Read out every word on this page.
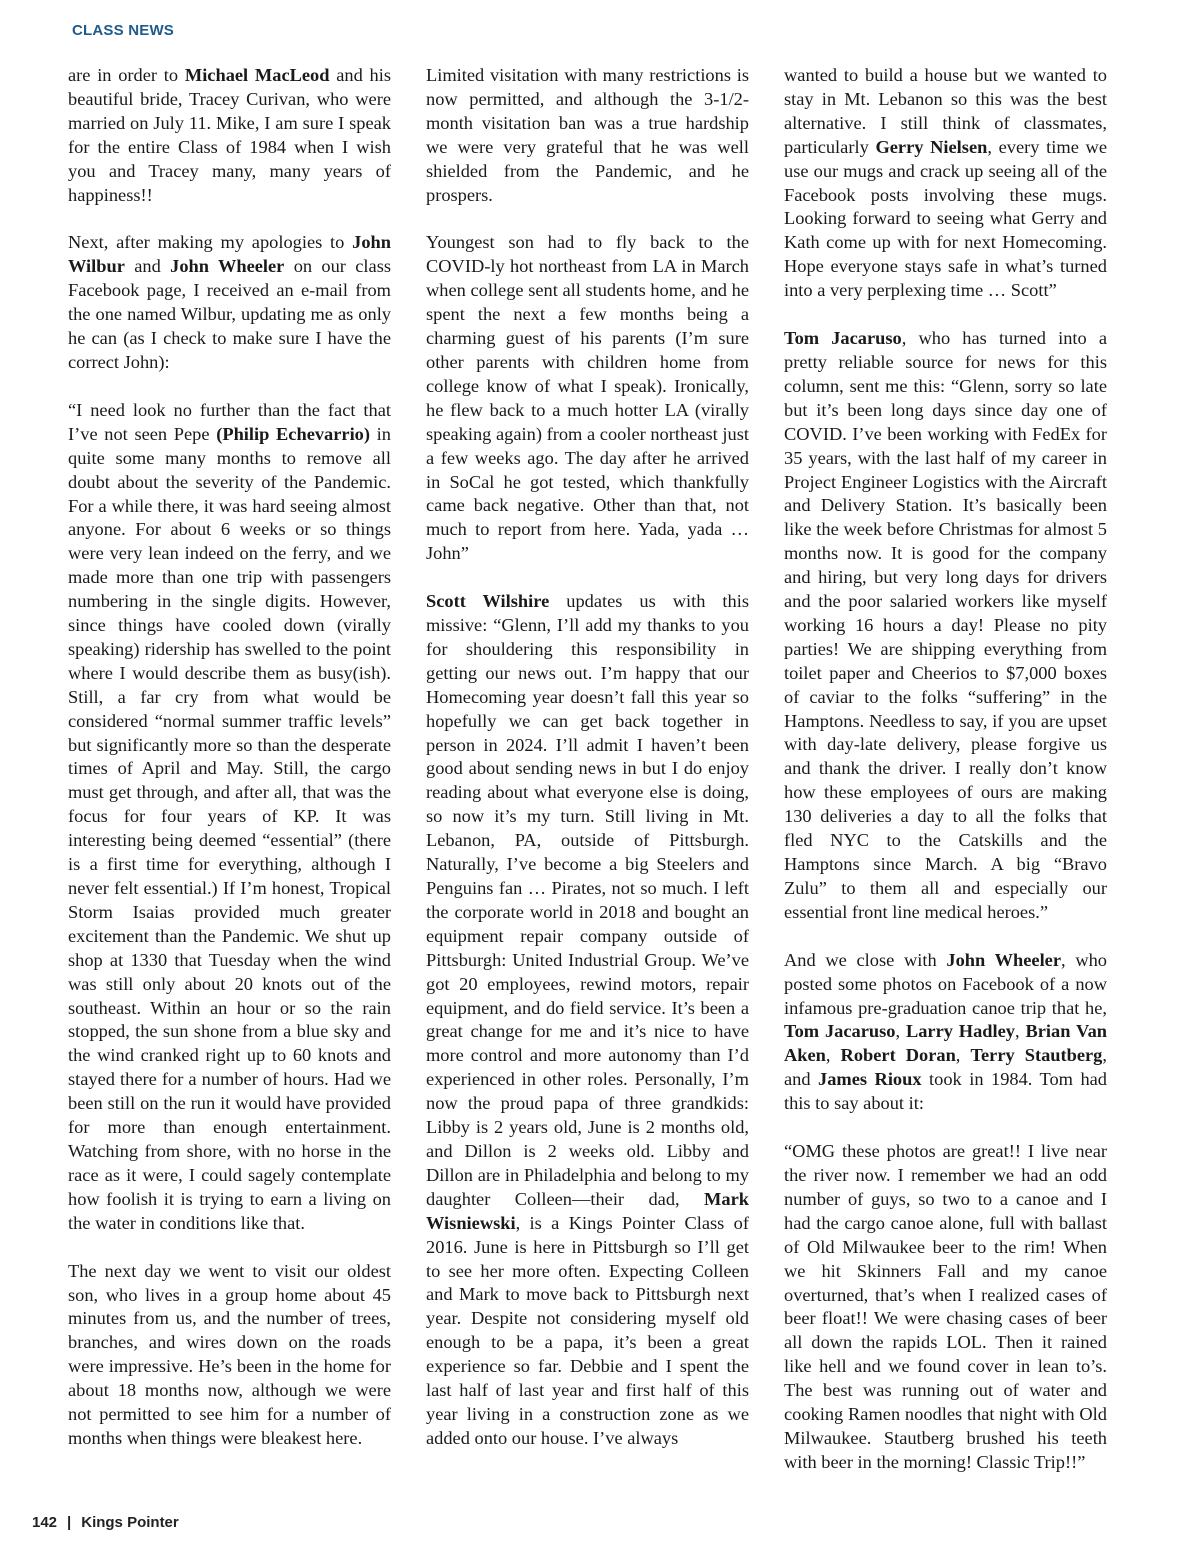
CLASS NEWS

are in order to Michael MacLeod and his beautiful bride, Tracey Curivan, who were married on July 11. Mike, I am sure I speak for the entire Class of 1984 when I wish you and Tracey many, many years of happiness!!

Next, after making my apologies to John Wilbur and John Wheeler on our class Facebook page, I received an e-mail from the one named Wilbur, updating me as only he can (as I check to make sure I have the correct John):

“I need look no further than the fact that I’ve not seen Pepe (Philip Echevarrio) in quite some many months to remove all doubt about the severity of the Pandemic. For a while there, it was hard seeing almost anyone. For about 6 weeks or so things were very lean indeed on the ferry, and we made more than one trip with passengers numbering in the single digits. However, since things have cooled down (virally speaking) ridership has swelled to the point where I would describe them as busy(ish). Still, a far cry from what would be considered “normal summer traffic levels” but significantly more so than the desperate times of April and May. Still, the cargo must get through, and after all, that was the focus for four years of KP. It was interesting being deemed “essential” (there is a first time for everything, although I never felt essential.) If I’m honest, Tropical Storm Isaias provided much greater excitement than the Pandemic. We shut up shop at 1330 that Tuesday when the wind was still only about 20 knots out of the southeast. Within an hour or so the rain stopped, the sun shone from a blue sky and the wind cranked right up to 60 knots and stayed there for a number of hours. Had we been still on the run it would have provided for more than enough entertainment. Watching from shore, with no horse in the race as it were, I could sagely contemplate how foolish it is trying to earn a living on the water in conditions like that.

The next day we went to visit our oldest son, who lives in a group home about 45 minutes from us, and the number of trees, branches, and wires down on the roads were impressive. He’s been in the home for about 18 months now, although we were not permitted to see him for a number of months when things were bleakest here.

Limited visitation with many restrictions is now permitted, and although the 3-1/2-month visitation ban was a true hardship we were very grateful that he was well shielded from the Pandemic, and he prospers.

Youngest son had to fly back to the COVID-ly hot northeast from LA in March when college sent all students home, and he spent the next a few months being a charming guest of his parents (I’m sure other parents with children home from college know of what I speak). Ironically, he flew back to a much hotter LA (virally speaking again) from a cooler northeast just a few weeks ago. The day after he arrived in SoCal he got tested, which thankfully came back negative. Other than that, not much to report from here. Yada, yada … John”

Scott Wilshire updates us with this missive: “Glenn, I’ll add my thanks to you for shouldering this responsibility in getting our news out. I’m happy that our Homecoming year doesn’t fall this year so hopefully we can get back together in person in 2024. I’ll admit I haven’t been good about sending news in but I do enjoy reading about what everyone else is doing, so now it’s my turn. Still living in Mt. Lebanon, PA, outside of Pittsburgh. Naturally, I’ve become a big Steelers and Penguins fan … Pirates, not so much. I left the corporate world in 2018 and bought an equipment repair company outside of Pittsburgh: United Industrial Group. We’ve got 20 employees, rewind motors, repair equipment, and do field service. It’s been a great change for me and it’s nice to have more control and more autonomy than I’d experienced in other roles. Personally, I’m now the proud papa of three grandkids: Libby is 2 years old, June is 2 months old, and Dillon is 2 weeks old. Libby and Dillon are in Philadelphia and belong to my daughter Colleen—their dad, Mark Wisniewski, is a Kings Pointer Class of 2016. June is here in Pittsburgh so I’ll get to see her more often. Expecting Colleen and Mark to move back to Pittsburgh next year. Despite not considering myself old enough to be a papa, it’s been a great experience so far. Debbie and I spent the last half of last year and first half of this year living in a construction zone as we added onto our house. I’ve always

wanted to build a house but we wanted to stay in Mt. Lebanon so this was the best alternative. I still think of classmates, particularly Gerry Nielsen, every time we use our mugs and crack up seeing all of the Facebook posts involving these mugs. Looking forward to seeing what Gerry and Kath come up with for next Homecoming. Hope everyone stays safe in what’s turned into a very perplexing time … Scott”

Tom Jacaruso, who has turned into a pretty reliable source for news for this column, sent me this: “Glenn, sorry so late but it’s been long days since day one of COVID. I’ve been working with FedEx for 35 years, with the last half of my career in Project Engineer Logistics with the Aircraft and Delivery Station. It’s basically been like the week before Christmas for almost 5 months now. It is good for the company and hiring, but very long days for drivers and the poor salaried workers like myself working 16 hours a day! Please no pity parties! We are shipping everything from toilet paper and Cheerios to $7,000 boxes of caviar to the folks “suffering” in the Hamptons. Needless to say, if you are upset with day-late delivery, please forgive us and thank the driver. I really don’t know how these employees of ours are making 130 deliveries a day to all the folks that fled NYC to the Catskills and the Hamptons since March. A big “Bravo Zulu” to them all and especially our essential front line medical heroes.”

And we close with John Wheeler, who posted some photos on Facebook of a now infamous pre-graduation canoe trip that he, Tom Jacaruso, Larry Hadley, Brian Van Aken, Robert Doran, Terry Stautberg, and James Rioux took in 1984. Tom had this to say about it:

“OMG these photos are great!! I live near the river now. I remember we had an odd number of guys, so two to a canoe and I had the cargo canoe alone, full with ballast of Old Milwaukee beer to the rim! When we hit Skinners Fall and my canoe overturned, that’s when I realized cases of beer float!! We were chasing cases of beer all down the rapids LOL. Then it rained like hell and we found cover in lean to’s. The best was running out of water and cooking Ramen noodles that night with Old Milwaukee. Stautberg brushed his teeth with beer in the morning! Classic Trip!!”

142 | Kings Pointer
